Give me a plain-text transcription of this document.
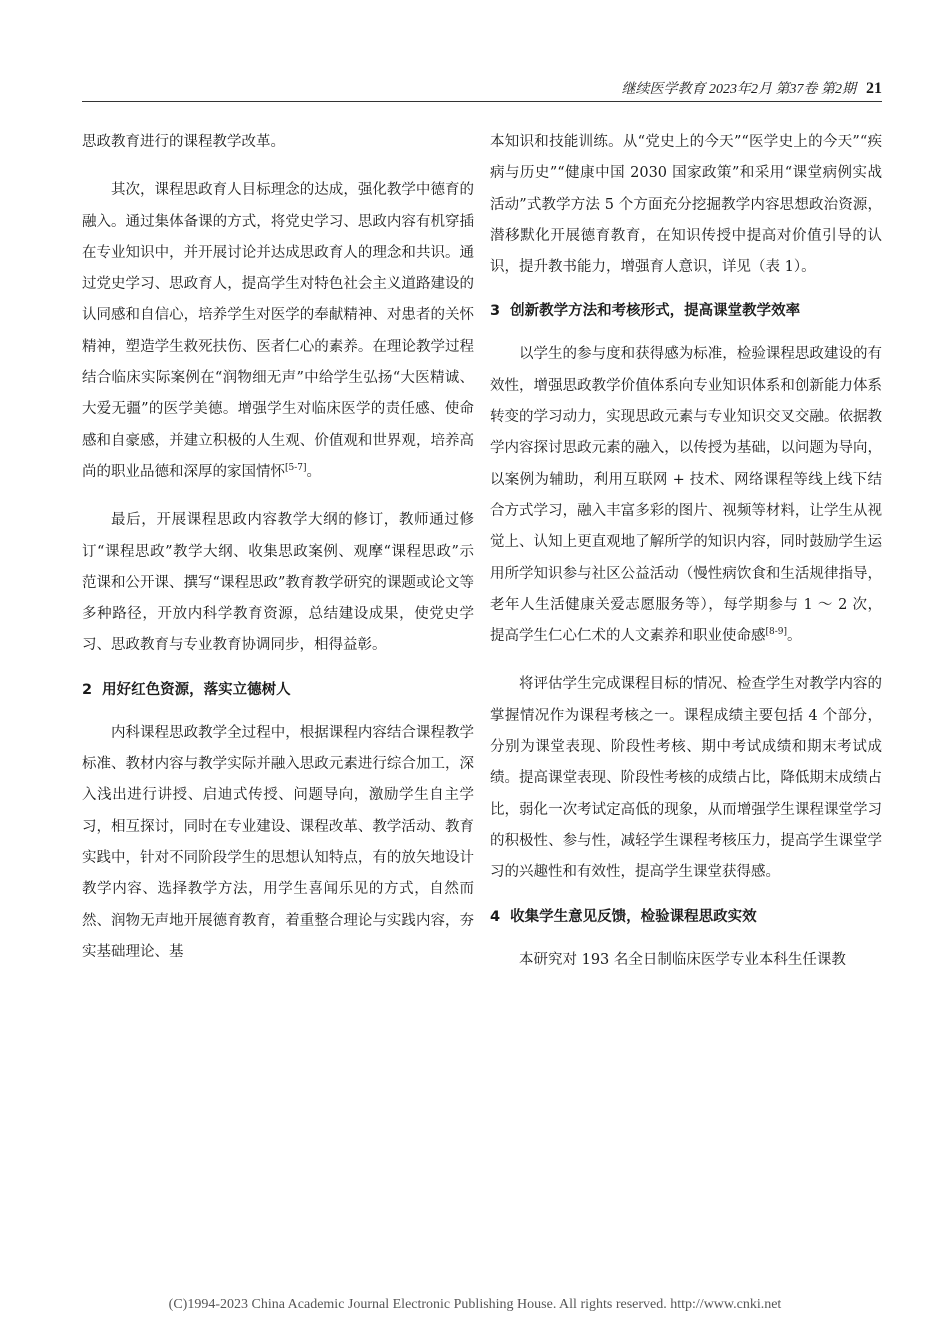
继续医学教育 2023年2月 第37卷 第2期 21

思政教育进行的课程教学改革。

其次，课程思政育人目标理念的达成，强化教学中德育的融入。通过集体备课的方式，将党史学习、思政内容有机穿插在专业知识中，并开展讨论并达成思政育人的理念和共识。通过党史学习、思政育人，提高学生对特色社会主义道路建设的认同感和自信心，培养学生对医学的奉献精神、对患者的关怀精神，塑造学生救死扶伤、医者仁心的素养。在理论教学过程结合临床实际案例在“润物细无声”中给学生弘扬“大医精诚、大爱无疆”的医学美德。增强学生对临床医学的责任感、使命感和自豪感，并建立积极的人生观、价值观和世界观，培养高尚的职业品德和深厚的家国情怀[5-7]。

最后，开展课程思政内容教学大纲的修订，教师通过修订“课程思政”教学大纲、收集思政案例、观摩“课程思政”示范课和公开课、撰写“课程思政”教育教学研究的课题或论文等多种路径，开放内科学教育资源，总结建设成果，使党史学习、思政教育与专业教育协调同步，相得益彰。

2 用好红色资源，落实立德树人

内科课程思政教学全过程中，根据课程内容结合课程教学标准、教材内容与教学实际并融入思政元素进行综合加工，深入浅出进行讲授、启迪式传授、问题导向，激励学生自主学习，相互探讨，同时在专业建设、课程改革、教学活动、教育实践中，针对不同阶段学生的思想认知特点，有的放矢地设计教学内容、选择教学方法，用学生喜闻乐见的方式，自然而然、润物无声地开展德育教育，着重整合理论与实践内容，夯实基础理论、基

本知识和技能训练。从“党史上的今天”“医学史上的今天”“疾病与历史”“健康中国 2030 国家政策”和采用“课堂病例实战活动”式教学方法 5 个方面充分挖掘教学内容思想政治资源，潜移默化开展德育教育，在知识传授中提高对价值引导的认识，提升教书能力，增强育人意识，详见（表 1）。

3 创新教学方法和考核形式，提高课堂教学效率

以学生的参与度和获得感为标准，检验课程思政建设的有效性，增强思政教学价值体系向专业知识体系和创新能力体系转变的学习动力，实现思政元素与专业知识交叉交融。依据教学内容探讨思政元素的融入，以传授为基础，以问题为导向，以案例为辅助，利用互联网 + 技术、网络课程等线上线下结合方式学习，融入丰富多彩的图片、视频等材料，让学生从视觉上、认知上更直观地了解所学的知识内容，同时鼓励学生运用所学知识参与社区公益活动（慢性病饮食和生活规律指导，老年人生活健康关爱志愿服务等），每学期参与 1 ～ 2 次，提高学生仁心仁术的人文素养和职业使命感[8-9]。

将评估学生完成课程目标的情况、检查学生对教学内容的掌握情况作为课程考核之一。课程成绩主要包括 4 个部分，分别为课堂表现、阶段性考核、期中考试成绩和期末考试成绩。提高课堂表现、阶段性考核的成绩占比，降低期末成绩占比，弱化一次考试定高低的现象，从而增强学生课程课堂学习的积极性、参与性，减轻学生课程考核压力，提高学生课堂学习的兴趣性和有效性，提高学生课堂获得感。

4 收集学生意见反馈，检验课程思政实效

本研究对 193 名全日制临床医学专业本科生任课教

(C)1994-2023 China Academic Journal Electronic Publishing House. All rights reserved. http://www.cnki.net
